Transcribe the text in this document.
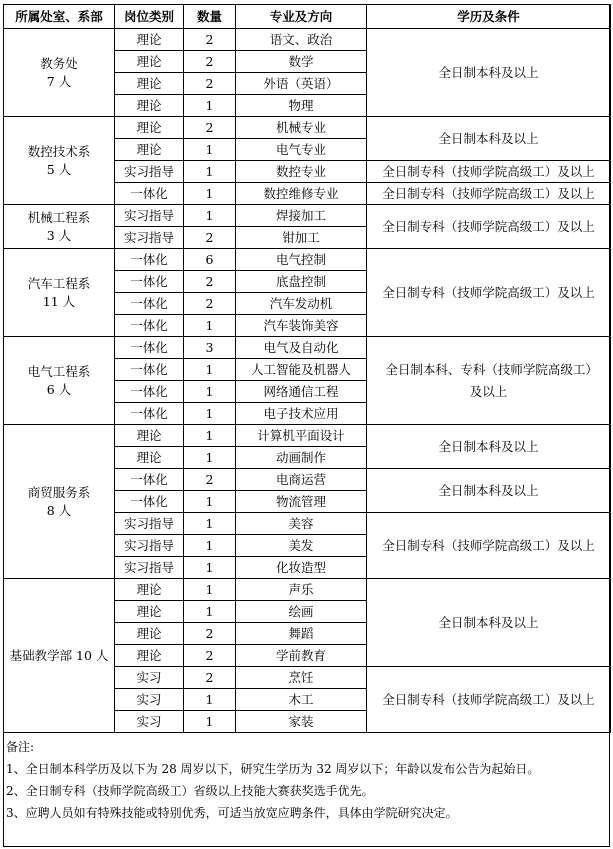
所属处室、系部	岗位类别	数量	专业及方向	学历及条件

教务处
7 人	理论	2	语文、政治	全日制本科及以上
	理论	2	数学	
	理论	2	外语（英语）	
	理论	1	物理	

数控技术系
5 人	理论	2	机械专业	全日制本科及以上
	理论	1	电气专业	
	实习指导	1	数控专业	全日制专科（技师学院高级工）及以上
	一体化	1	数控维修专业	全日制专科（技师学院高级工）及以上

机械工程系
3 人	实习指导	1	焊接加工	全日制专科（技师学院高级工）及以上
	实习指导	2	钳加工	

汽车工程系
11 人	一体化	6	电气控制	全日制专科（技师学院高级工）及以上
	一体化	2	底盘控制	
	一体化	2	汽车发动机	
	一体化	1	汽车装饰美容	

电气工程系
6 人	一体化	3	电气及自动化	全日制本科、专科（技师学院高级工）及以上
	一体化	1	人工智能及机器人	
	一体化	1	网络通信工程	
	一体化	1	电子技术应用	

商贸服务系
8 人	理论	1	计算机平面设计	全日制本科及以上
	理论	1	动画制作	
	一体化	2	电商运营	全日制本科及以上
	一体化	1	物流管理	
	实习指导	1	美容	全日制专科（技师学院高级工）及以上
	实习指导	1	美发	
	实习指导	1	化妆造型	

基础教学部 10 人	理论	1	声乐	全日制本科及以上
	理论	1	绘画	
	理论	2	舞蹈	
	理论	2	学前教育	
	实习	2	烹饪	全日制专科（技师学院高级工）及以上
	实习	1	木工	
	实习	1	家装	
备注:
1、全日制本科学历及以下为 28 周岁以下，研究生学历为 32 周岁以下；年龄以发布公告为起始日。
2、全日制专科（技师学院高级工）省级以上技能大赛获奖选手优先。
3、应聘人员如有特殊技能或特别优秀，可适当放宽应聘条件，具体由学院研究决定。
